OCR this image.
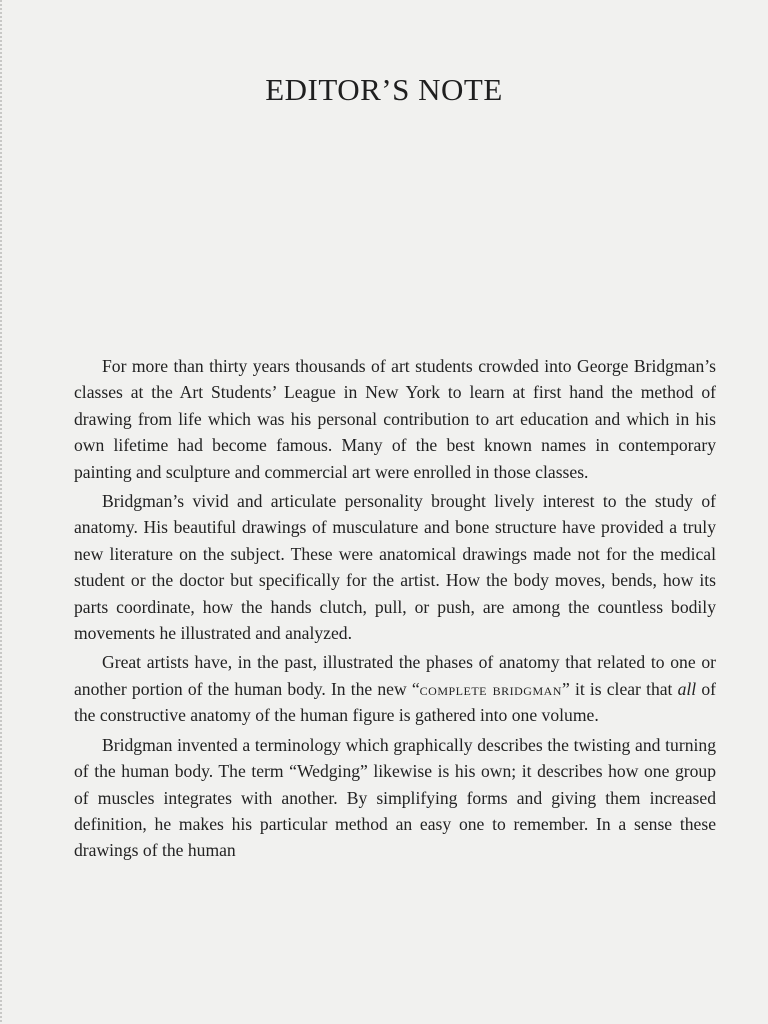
EDITOR’S NOTE

For more than thirty years thousands of art students crowded into George Bridgman’s classes at the Art Students’ League in New York to learn at first hand the method of drawing from life which was his personal contribution to art education and which in his own lifetime had become famous. Many of the best known names in contemporary painting and sculpture and commercial art were enrolled in those classes.

Bridgman’s vivid and articulate personality brought lively interest to the study of anatomy. His beautiful drawings of musculature and bone structure have provided a truly new literature on the subject. These were anatomical drawings made not for the medical student or the doctor but specifically for the artist. How the body moves, bends, how its parts coordinate, how the hands clutch, pull, or push, are among the countless bodily movements he illustrated and analyzed.

Great artists have, in the past, illustrated the phases of anatomy that related to one or another portion of the human body. In the new “complete bridgman” it is clear that all of the constructive anatomy of the human figure is gathered into one volume.

Bridgman invented a terminology which graphically describes the twisting and turning of the human body. The term “Wedging” likewise is his own; it describes how one group of muscles integrates with another. By simplifying forms and giving them increased definition, he makes his particular method an easy one to remember. In a sense these drawings of the human
